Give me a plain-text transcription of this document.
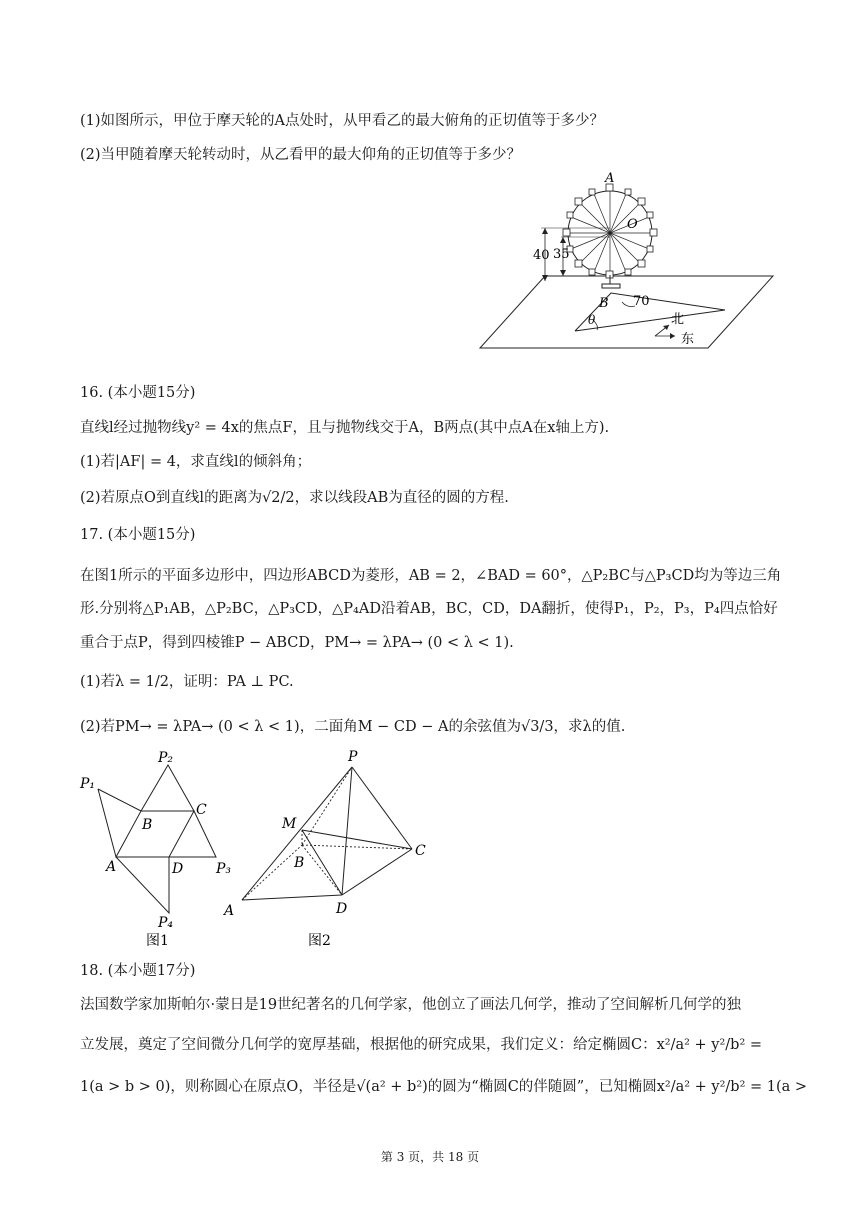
(1)如图所示，甲位于摩天轮的A点处时，从甲看乙的最大俯角的正切值等于多少？
(2)当甲随着摩天轮转动时，从乙看甲的最大仰角的正切值等于多少？
40 35
A
O
B
θ
70
北
东
16. (本小题15分)
直线l经过抛物线y² = 4x的焦点F，且与抛物线交于A，B两点(其中点A在x轴上方).
(1)若|AF| = 4，求直线l的倾斜角；
(2)若原点O到直线l的距离为√2/2，求以线段AB为直径的圆的方程.
17. (本小题15分)
在图1所示的平面多边形中，四边形ABCD为菱形，AB = 2，∠BAD = 60°，△P₂BC与△P₃CD均为等边三角
形.分别将△P₁AB，△P₂BC，△P₃CD，△P₄AD沿着AB，BC，CD，DA翻折，使得P₁，P₂，P₃，P₄四点恰好
重合于点P，得到四棱锥P − ABCD，PM→ = λPA→ (0 < λ < 1).
(1)若λ = 1/2，证明：PA ⊥ PC.
(2)若PM→ = λPA→ (0 < λ < 1)，二面角M − CD − A的余弦值为√3/3，求λ的值.
P₁
P₂
P₃
P₄
A
B
C
D
图1
P
M
A
B
C
D
图2
18. (本小题17分)
法国数学家加斯帕尔·蒙日是19世纪著名的几何学家，他创立了画法几何学，推动了空间解析几何学的独
立发展，奠定了空间微分几何学的宽厚基础，根据他的研究成果，我们定义：给定椭圆C：x²/a² + y²/b² =
1(a > b > 0)，则称圆心在原点O，半径是√(a² + b²)的圆为“椭圆C的伴随圆”，已知椭圆x²/a² + y²/b² = 1(a >
第 3 页，共 18 页
